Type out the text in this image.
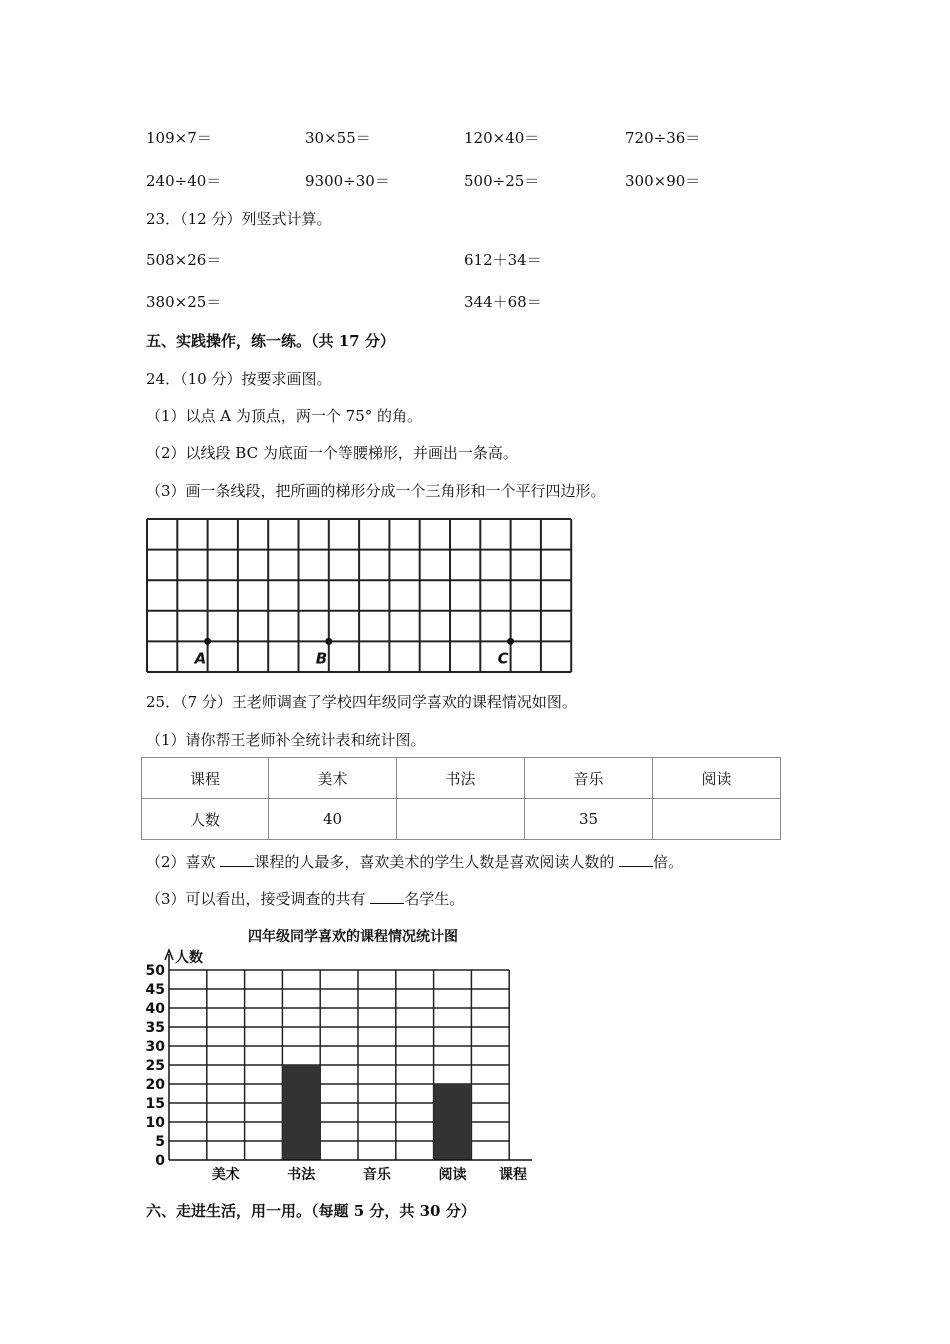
109×7＝	30×55＝	120×40＝	720÷36＝
240÷40＝	9300÷30＝	500÷25＝	300×90＝
23．（12 分）列竖式计算。
508×26＝	612＋34＝
380×25＝	344＋68＝
五、实践操作，练一练。（共 17 分）
24．（10 分）按要求画图。
（1）以点 A 为顶点，两一个 75° 的角。
（2）以线段 BC 为底面一个等腰梯形，并画出一条高。
（3）画一条线段，把所画的梯形分成一个三角形和一个平行四边形。
A	B	C
25．（7 分）王老师调查了学校四年级同学喜欢的课程情况如图。
（1）请你帮王老师补全统计表和统计图。
课程	美术	书法	音乐	阅读
人数	40		35	
（2）喜欢	课程的人最多，喜欢美术的学生人数是喜欢阅读人数的	倍。
（3）可以看出，接受调查的共有	名学生。
四年级同学喜欢的课程情况统计图
0
5
10
15
20
25
30
35
40
45
50
美术	书法	音乐	阅读
人数
课程
六、走进生活，用一用。（每题 5 分，共 30 分）
